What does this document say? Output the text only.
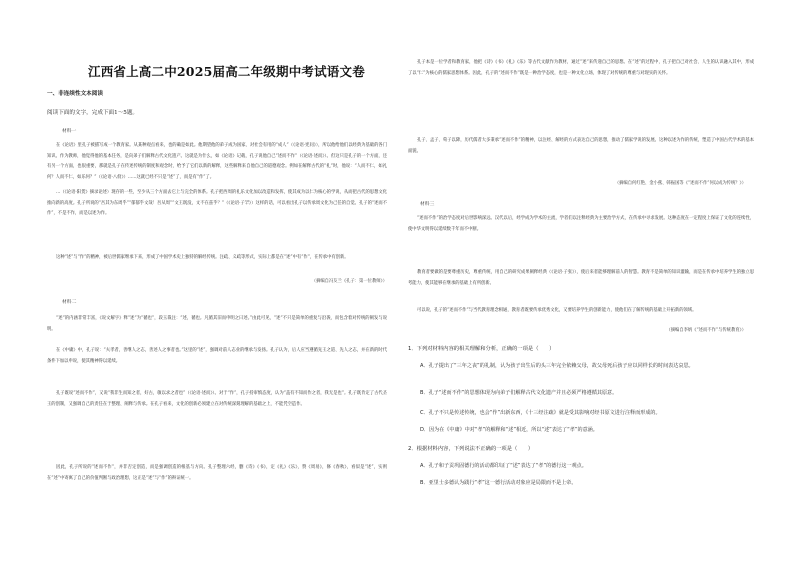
江西省上高二中2025届高二年级期中考试语文卷
一、非连续性文本阅读
阅读下面的文字，完成下面1～5题。
材料一
在《论语》里孔子被描写成一个教育家。从某种观点看来，也的确是如此。他期望他的弟子成为国家、对社会有用的“成人”（《论语·宪问》），所以他给他们以经典为基础的各门知识。作为教师，他觉得他的基本任务，是向弟子们解释古代文化遗产。这就是为什么，如《论语》记载，孔子说他自己“述而不作”（《论语·述而》）。但这只是孔子的一个方面，还有另一个方面，也很重要，那就是孔子在传述传统的制度和观念时，给予了它们以新的解释，这些解释来自他自己的道德观念。例如在解释古代的“礼”时，他说：“人而不仁，如礼何？人而不仁，如乐何？”（《论语·八佾》）……这就已经不只是“述”了，而是有“作”了。
…（《论语·阳货》摘录论述）现存的一些，至少从三个方面去它上与完全的体系。孔子把西周的礼乐文化加以改造和发挥，使其成为以仁为核心的学说，从而把古代的思想文化推向新的高度。孔子所说的“吾其为东周乎”“郁郁乎文哉！吾从周”“文王既没，文不在兹乎？”（《论语·子罕》）这样的话，可以看出孔子以传承周文化为己任的自觉。孔子的“述而不作”，不是不作，而是以述为作。
这种“述”与“作”的精神，被后世儒家继承下来，形成了中国学术史上独特的解经传统。注疏、义疏等形式，实际上都是在“述”中有“作”，在传承中有创新。
（摘编自冯友兰《孔子：第一位教师》）
材料二
“述”的内涵非常丰富，《说文解字》释“述”为“循也”，段玉裁注：“述，循也。凡循其旧而申明之曰述。”由此可见，“述”不只是简单的重复与沿袭，而包含着对传统的阐发与说明。
在《中庸》中，孔子说：“夫孝者，善继人之志，善述人之事者也。”这里的“述”，强调对前人志业的继承与发扬。孔子认为，后人应当遵循先王之道、先人之志，并在新的时代条件下加以申说，使其精神得以延续。
孔子既说“述而不作”，又说“我非生而知之者，好古，敏以求之者也”（《论语·述而》）。对于“作”，孔子持审慎态度，认为“盖有不知而作之者，我无是也”。孔子既肯定了古代圣王的创制，又强调自己的责任在于整理、阐释与传承。在孔子看来，文化的创新必须建立在对传统深刻理解的基础之上，不能凭空造作。
因此，孔子所说的“述而不作”，并非否定创造，而是强调创造的根基与方向。孔子整理六经，删《诗》《书》，定《礼》《乐》，赞《周易》，修《春秋》，看似是“述”，实则在“述”中寄寓了自己的价值判断与政治理想，这正是“述”与“作”的辩证统一。
孔子本是一位学者和教育家，他把《诗》《书》《礼》《乐》等古代文献作为教材，通过“述”来传递自己的思想。在“述”的过程中，孔子把自己对社会、人生的认识融入其中，形成了以“仁”为核心的儒家思想体系。因此，孔子的“述而不作”既是一种治学态度，也是一种文化立场，体现了对传统的尊重与对现实的关怀。
孔子、孟子、荀子以降，历代儒者大多秉承“述而不作”的精神，以注经、解经的方式表达自己的思想，推动了儒家学说的发展。这种以述为作的传统，塑造了中国古代学术的基本面貌。
（摘编自何红艳、金小燕、韩振国等《“述而不作”何以成为传统？》）
材料三
“述而不作”的治学态度对后世影响深远。汉代以后，经学成为学术的主流，学者们以注释经典为主要治学方式，在传承中寻求发展。这种态度在一定程度上保证了文化的连续性，使中华文明得以延续数千年而不中断。
教育者要做的是要尊重历史，尊重传统，用自己的研究成果阐释经典（《论语·子张》），使后来者能够理解前人的智慧。教育不是简单的知识灌输，而是在传承中培养学生的独立思考能力，使其能够在继承的基础上有所创新。
可以说，孔子的“述而不作”与当代教育理念相通，教育者既要传承优秀文化，又要培养学生的创新能力，使他们在了解传统的基础上开拓新的领域。
（摘编自李炳《“述而不作”与传统教育》）
1．下列对材料内容的相关理解和分析，正确的一项是（　　）
A．孔子提出了“三年之丧”的礼制，认为孩子出生后的头三年完全依赖父母，故父母死后孩子应以同样长的时间表达哀思。
B．孔子“述而不作”的思想体现为向弟子们解释古代文化遗产并且必须严格遵循其原意。
C．孔子不只是传述传统，也会“作”出新东西，《十三经注疏》就是受其影响对经书原文进行注释而形成的。
D．因为在《中庸》中对“孝”的解释和“述”相近，所以“述”表达了“孝”的意涵。
2．根据材料内容，下列说法不正确的一项是（　　）
A．孔子和子贡巩固德行的活动都印证了“述”表达了“孝”的德行这一观点。
B．亚里士多德认为践行“孝”这一德行活动对象应是局限而不是上帝。
